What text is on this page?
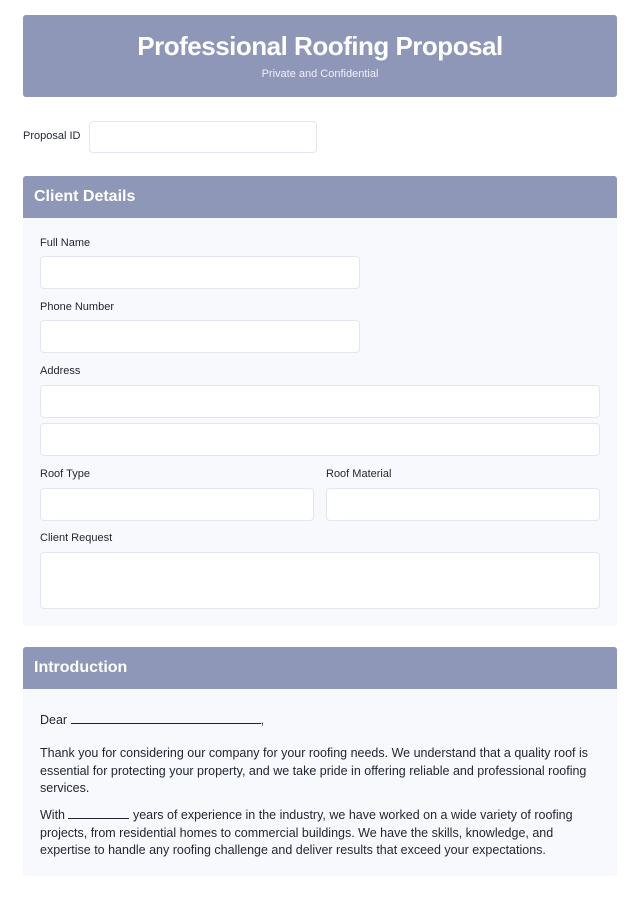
Professional Roofing Proposal
Private and Confidential
Proposal ID
Client Details
Full Name
Phone Number
Address
Roof Type	Roof Material
Client Request
Introduction
Dear	,
Thank you for considering our company for your roofing needs. We understand that a quality roof is essential for protecting your property, and we take pride in offering reliable and professional roofing services.
With	years of experience in the industry, we have worked on a wide variety of roofing projects, from residential homes to commercial buildings. We have the skills, knowledge, and expertise to handle any roofing challenge and deliver results that exceed your expectations.
